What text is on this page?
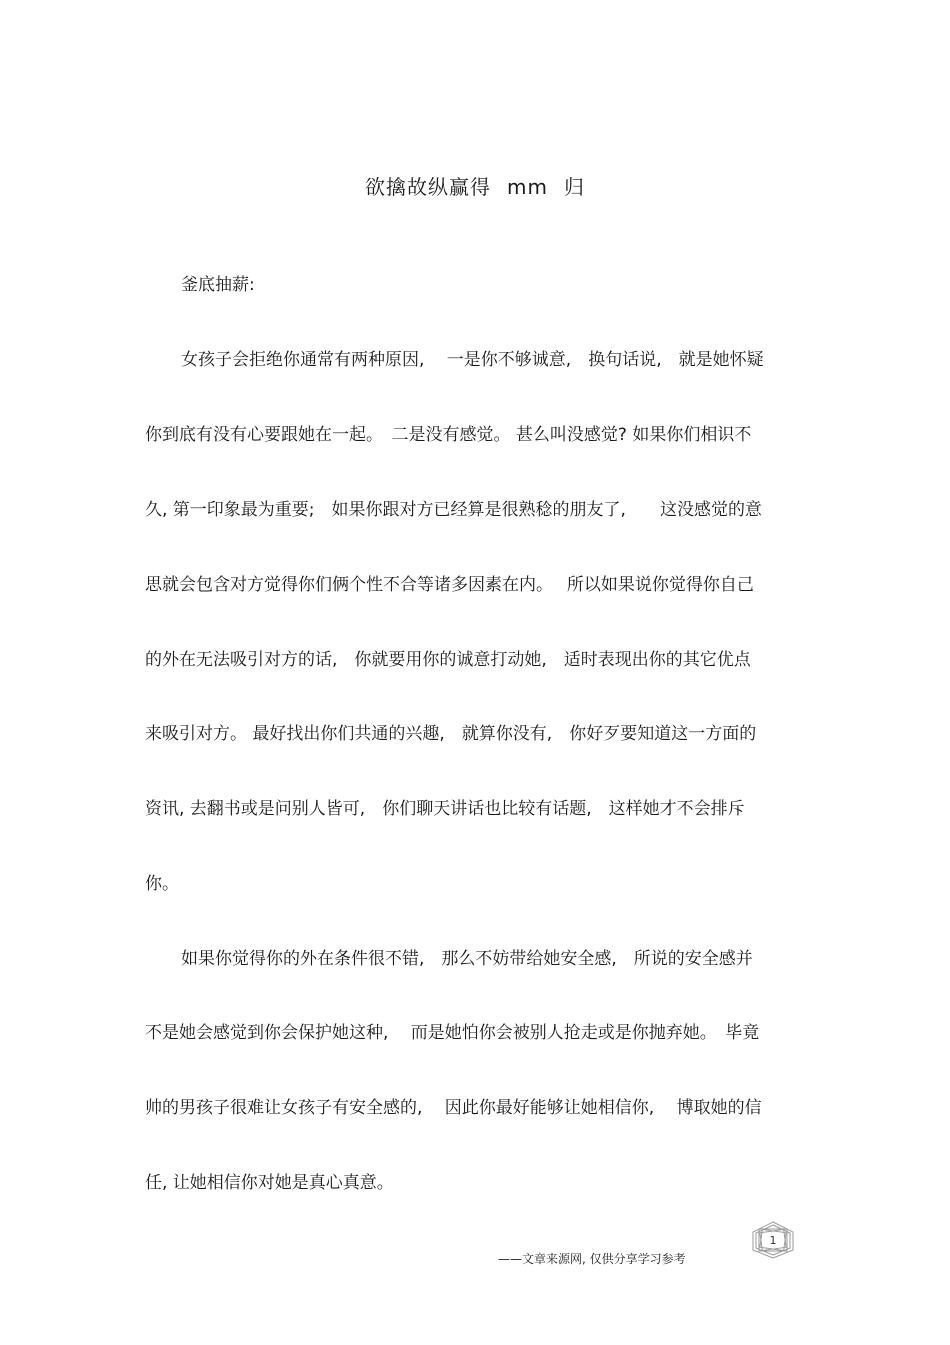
欲擒故纵赢得 mm 归
釜底抽薪:
女孩子会拒绝你通常有两种原因,　 一是你不够诚意,　换句话说,　就是她怀疑
你到底有没有心要跟她在一起。　二是没有感觉。 甚么叫没感觉? 如果你们相识不
久, 第一印象最为重要;　如果你跟对方已经算是很熟稔的朋友了,　　这没感觉的意
思就会包含对方觉得你们俩个性不合等诸多因素在内。　 所以如果说你觉得你自己
的外在无法吸引对方的话,　你就要用你的诚意打动她,　适时表现出你的其它优点
来吸引对方。 最好找出你们共通的兴趣,　就算你没有,　你好歹要知道这一方面的
资讯, 去翻书或是问别人皆可,　你们聊天讲话也比较有话题,　这样她才不会排斥
你。
如果你觉得你的外在条件很不错,　那么不妨带给她安全感,　所说的安全感并
不是她会感觉到你会保护她这种,　 而是她怕你会被别人抢走或是你抛弃她。　毕竟
帅的男孩子很难让女孩子有安全感的,　 因此你最好能够让她相信你,　 博取她的信
任, 让她相信你对她是真心真意。
——文章来源网, 仅供分享学习参考
1
